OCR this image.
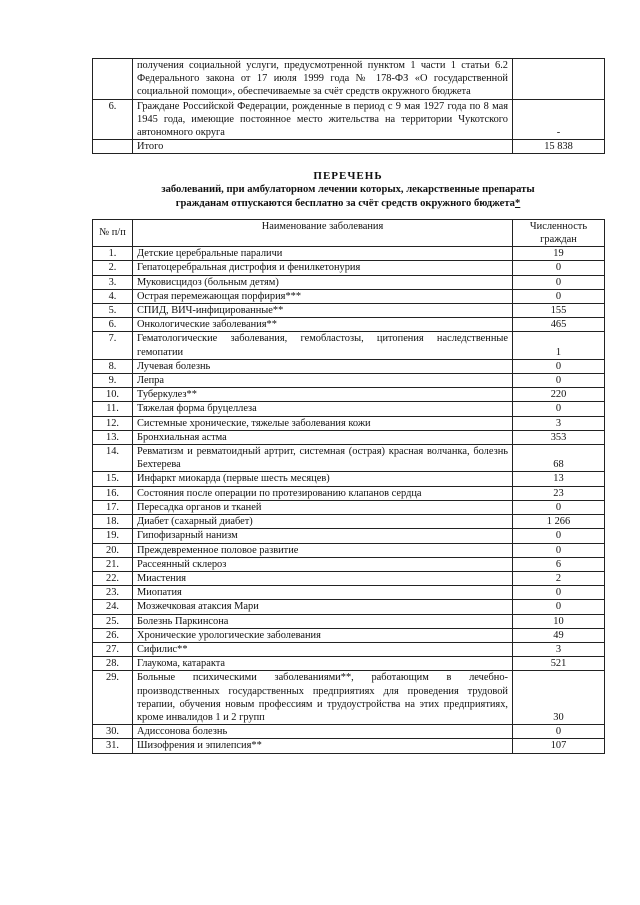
	получения социальной услуги, предусмотренной пунктом 1 части 1 статьи 6.2 Федерального закона от 17 июля 1999 года № 178-ФЗ «О государственной социальной помощи», обеспечиваемые за счёт средств окружного бюджета	
6.	Граждане Российской Федерации, рожденные в период с 9 мая 1927 года по 8 мая 1945 года, имеющие постоянное место жительства на территории Чукотского автономного округа	-
	Итого	15 838
ПЕРЕЧЕНЬ
заболеваний, при амбулаторном лечении которых, лекарственные препараты
гражданам отпускаются бесплатно за счёт средств окружного бюджета*
№ п/п	Наименование заболевания	Численность граждан
1.	Детские церебральные параличи	19
2.	Гепатоцеребральная дистрофия и фенилкетонурия	0
3.	Муковисцидоз (больным детям)	0
4.	Острая перемежающая порфирия***	0
5.	СПИД, ВИЧ-инфицированные**	155
6.	Онкологические заболевания**	465
7.	Гематологические заболевания, гемобластозы, цитопения наследственные гемопатии	1
8.	Лучевая болезнь	0
9.	Лепра	0
10.	Туберкулез**	220
11.	Тяжелая форма бруцеллеза	0
12.	Системные хронические, тяжелые заболевания кожи	3
13.	Бронхиальная астма	353
14.	Ревматизм и ревматоидный артрит, системная (острая) красная волчанка, болезнь Бехтерева	68
15.	Инфаркт миокарда (первые шесть месяцев)	13
16.	Состояния после операции по протезированию клапанов сердца	23
17.	Пересадка органов и тканей	0
18.	Диабет (сахарный диабет)	1 266
19.	Гипофизарный нанизм	0
20.	Преждевременное половое развитие	0
21.	Рассеянный склероз	6
22.	Миастения	2
23.	Миопатия	0
24.	Мозжечковая атаксия Мари	0
25.	Болезнь Паркинсона	10
26.	Хронические урологические заболевания	49
27.	Сифилис**	3
28.	Глаукома, катаракта	521
29.	Больные психическими заболеваниями**, работающим в лечебно-производственных государственных предприятиях для проведения трудовой терапии, обучения новым профессиям и трудоустройства на этих предприятиях, кроме инвалидов 1 и 2 групп	30
30.	Адиссонова болезнь	0
31.	Шизофрения и эпилепсия**	107
